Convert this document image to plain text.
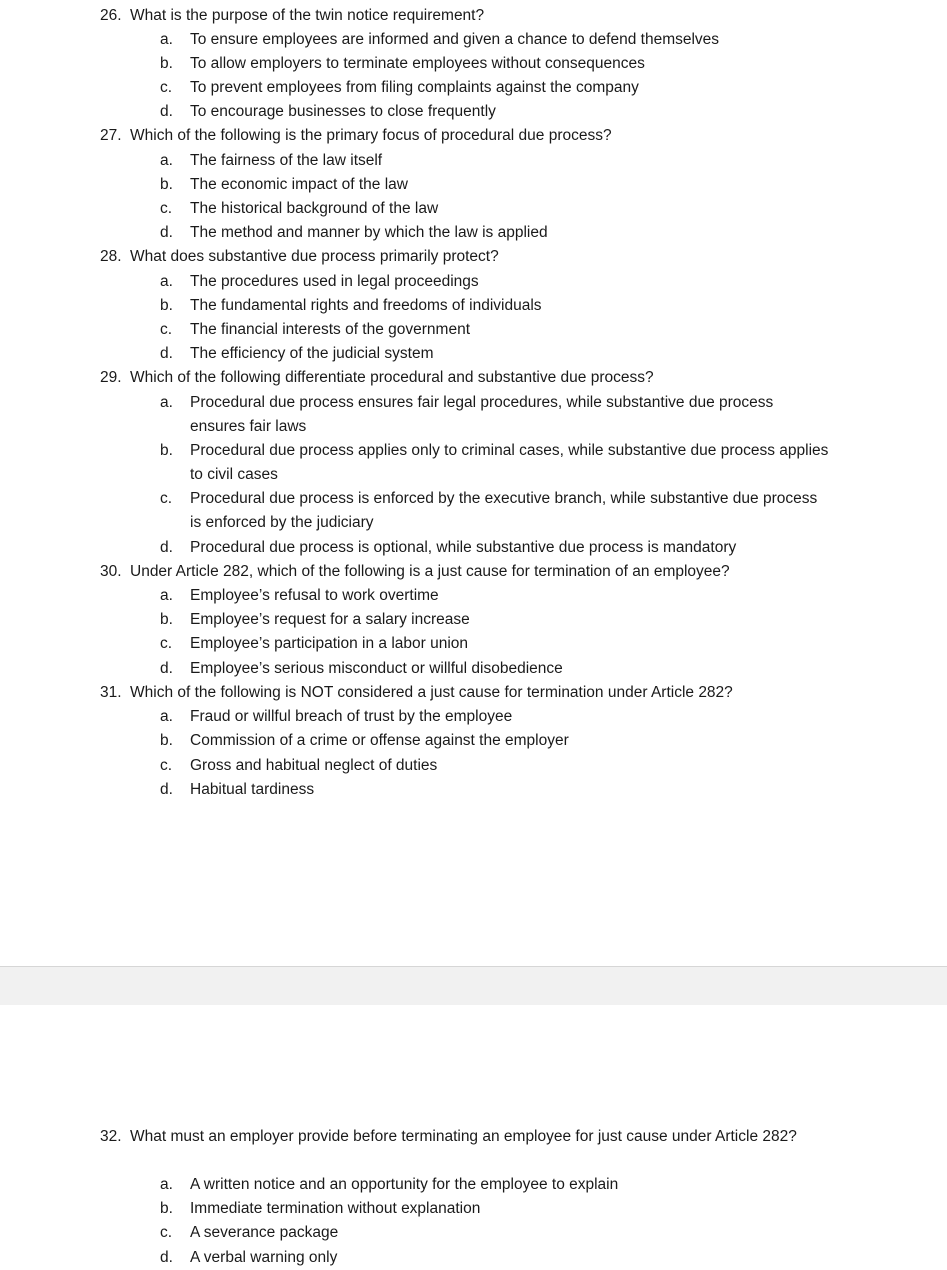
26. What is the purpose of the twin notice requirement?
a.	To ensure employees are informed and given a chance to defend themselves
b.	To allow employers to terminate employees without consequences
c.	To prevent employees from filing complaints against the company
d.	To encourage businesses to close frequently
27. Which of the following is the primary focus of procedural due process?
a.	The fairness of the law itself
b.	The economic impact of the law
c.	The historical background of the law
d.	The method and manner by which the law is applied
28. What does substantive due process primarily protect?
a.	The procedures used in legal proceedings
b.	The fundamental rights and freedoms of individuals
c.	The financial interests of the government
d.	The efficiency of the judicial system
29. Which of the following differentiate procedural and substantive due process?
a.	Procedural due process ensures fair legal procedures, while substantive due process ensures fair laws
b.	Procedural due process applies only to criminal cases, while substantive due process applies to civil cases
c.	Procedural due process is enforced by the executive branch, while substantive due process is enforced by the judiciary
d.	Procedural due process is optional, while substantive due process is mandatory
30. Under Article 282, which of the following is a just cause for termination of an employee?
a.	Employee’s refusal to work overtime
b.	Employee’s request for a salary increase
c.	Employee’s participation in a labor union
d.	Employee’s serious misconduct or willful disobedience
31. Which of the following is NOT considered a just cause for termination under Article 282?
a.	Fraud or willful breach of trust by the employee
b.	Commission of a crime or offense against the employer
c.	Gross and habitual neglect of duties
d.	Habitual tardiness
32. What must an employer provide before terminating an employee for just cause under Article 282?
a.	A written notice and an opportunity for the employee to explain
b.	Immediate termination without explanation
c.	A severance package
d.	A verbal warning only
